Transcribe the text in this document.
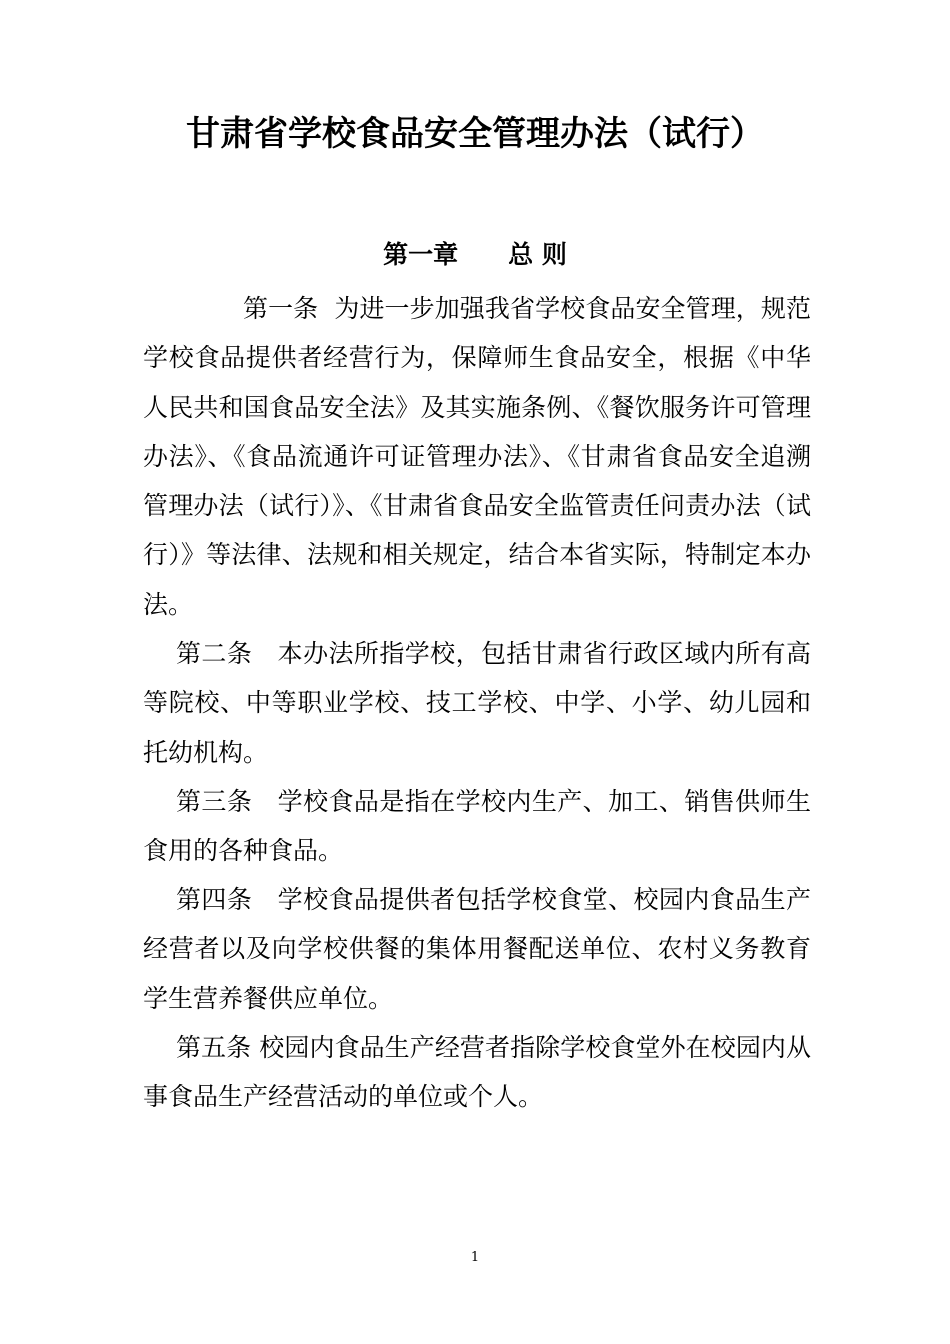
甘肃省学校食品安全管理办法（试行）
第一章　　总 则

第一条  为进一步加强我省学校食品安全管理，规范学校食品提供者经营行为，保障师生食品安全，根据《中华人民共和国食品安全法》及其实施条例、《餐饮服务许可管理办法》、《食品流通许可证管理办法》、《甘肃省食品安全追溯管理办法（试行）》、《甘肃省食品安全监管责任问责办法（试行）》等法律、法规和相关规定，结合本省实际，特制定本办法。

第二条　本办法所指学校，包括甘肃省行政区域内所有高等院校、中等职业学校、技工学校、中学、小学、幼儿园和托幼机构。

第三条　学校食品是指在学校内生产、加工、销售供师生食用的各种食品。

第四条　学校食品提供者包括学校食堂、校园内食品生产经营者以及向学校供餐的集体用餐配送单位、农村义务教育学生营养餐供应单位。

第五条 校园内食品生产经营者指除学校食堂外在校园内从事食品生产经营活动的单位或个人。

1
